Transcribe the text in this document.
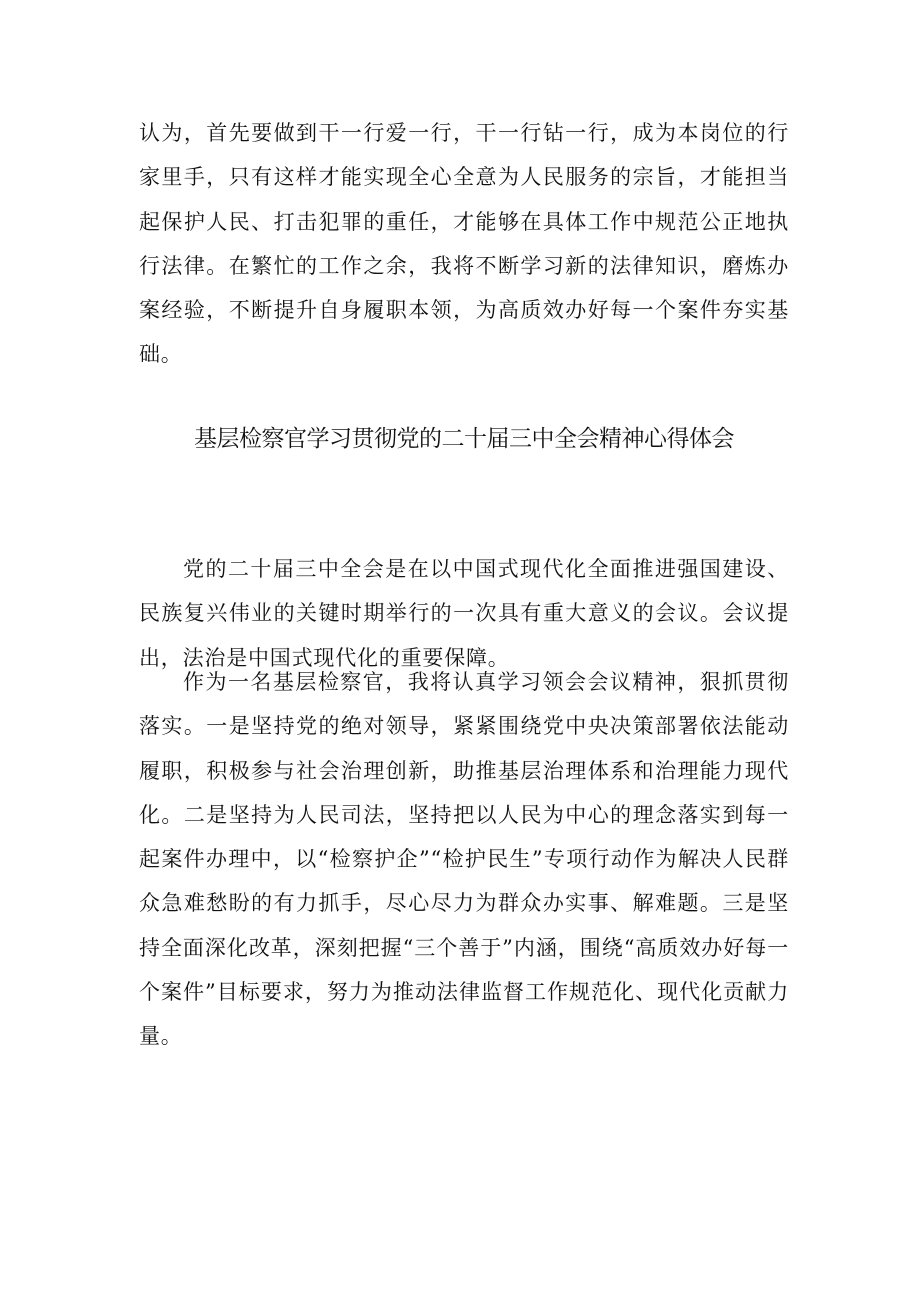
认为，首先要做到干一行爱一行，干一行钻一行，成为本岗位的行家里手，只有这样才能实现全心全意为人民服务的宗旨，才能担当起保护人民、打击犯罪的重任，才能够在具体工作中规范公正地执行法律。在繁忙的工作之余，我将不断学习新的法律知识，磨炼办案经验，不断提升自身履职本领，为高质效办好每一个案件夯实基础。

基层检察官学习贯彻党的二十届三中全会精神心得体会

党的二十届三中全会是在以中国式现代化全面推进强国建设、民族复兴伟业的关键时期举行的一次具有重大意义的会议。会议提出，法治是中国式现代化的重要保障。

作为一名基层检察官，我将认真学习领会会议精神，狠抓贯彻落实。一是坚持党的绝对领导，紧紧围绕党中央决策部署依法能动履职，积极参与社会治理创新，助推基层治理体系和治理能力现代化。二是坚持为人民司法，坚持把以人民为中心的理念落实到每一起案件办理中，以“检察护企”“检护民生”专项行动作为解决人民群众急难愁盼的有力抓手，尽心尽力为群众办实事、解难题。三是坚持全面深化改革，深刻把握“三个善于”内涵，围绕“高质效办好每一个案件”目标要求，努力为推动法律监督工作规范化、现代化贡献力量。
